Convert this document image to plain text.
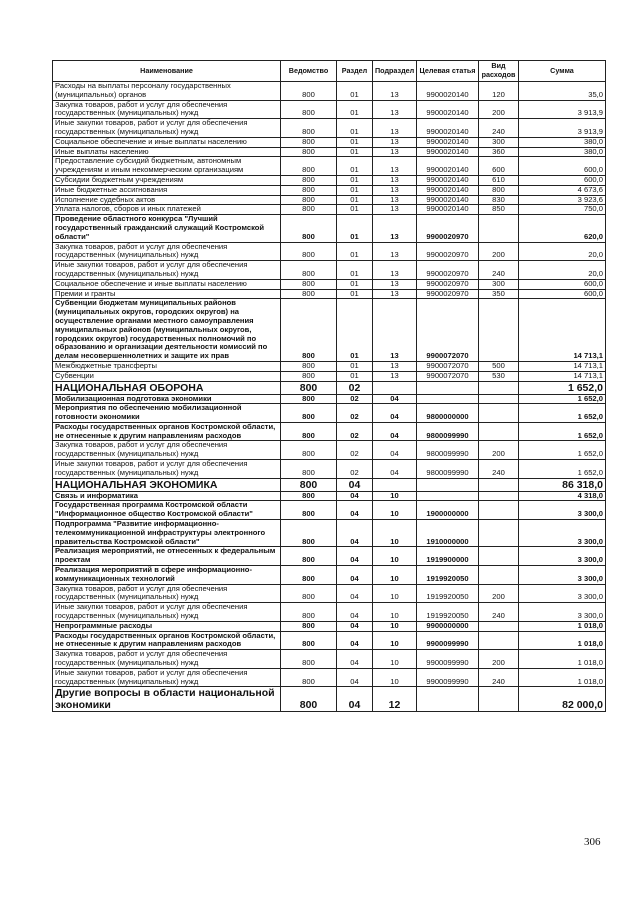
Наименование	Ведомство	Раздел	Подраздел	Целевая статья	Вид расходов	Сумма
Расходы на выплаты персоналу государственных (муниципальных) органов	800	01	13	9900020140	120	35,0
Закупка товаров, работ и услуг для обеспечения государственных (муниципальных) нужд	800	01	13	9900020140	200	3 913,9
Иные закупки товаров, работ и услуг для обеспечения государственных (муниципальных) нужд	800	01	13	9900020140	240	3 913,9
Социальное обеспечение и иные выплаты населению	800	01	13	9900020140	300	380,0
Иные выплаты населению	800	01	13	9900020140	360	380,0
Предоставление субсидий бюджетным, автономным учреждениям и иным некоммерческим организациям	800	01	13	9900020140	600	600,0
Субсидии бюджетным учреждениям	800	01	13	9900020140	610	600,0
Иные бюджетные ассигнования	800	01	13	9900020140	800	4 673,6
Исполнение судебных актов	800	01	13	9900020140	830	3 923,6
Уплата налогов, сборов и иных платежей	800	01	13	9900020140	850	750,0
Проведение областного конкурса "Лучший государственный гражданский служащий Костромской области"	800	01	13	9900020970		620,0
Закупка товаров, работ и услуг для обеспечения государственных (муниципальных) нужд	800	01	13	9900020970	200	20,0
Иные закупки товаров, работ и услуг для обеспечения государственных (муниципальных) нужд	800	01	13	9900020970	240	20,0
Социальное обеспечение и иные выплаты населению	800	01	13	9900020970	300	600,0
Премии и гранты	800	01	13	9900020970	350	600,0
Субвенции бюджетам муниципальных районов (муниципальных округов, городских округов) на осуществление органами местного самоуправления муниципальных районов (муниципальных округов, городских округов) государственных полномочий по образованию и организации деятельности комиссий по делам несовершеннолетних и защите их прав	800	01	13	9900072070		14 713,1
Межбюджетные трансферты	800	01	13	9900072070	500	14 713,1
Субвенции	800	01	13	9900072070	530	14 713,1
НАЦИОНАЛЬНАЯ ОБОРОНА	800	02				1 652,0
Мобилизационная подготовка экономики	800	02	04			1 652,0
Мероприятия по обеспечению мобилизационной готовности экономики	800	02	04	9800000000		1 652,0
Расходы государственных органов Костромской области, не отнесенные к другим направлениям расходов	800	02	04	9800099990		1 652,0
Закупка товаров, работ и услуг для обеспечения государственных (муниципальных) нужд	800	02	04	9800099990	200	1 652,0
Иные закупки товаров, работ и услуг для обеспечения государственных (муниципальных) нужд	800	02	04	9800099990	240	1 652,0
НАЦИОНАЛЬНАЯ ЭКОНОМИКА	800	04				86 318,0
Связь и информатика	800	04	10			4 318,0
Государственная программа Костромской области "Информационное общество Костромской области"	800	04	10	1900000000		3 300,0
Подпрограмма "Развитие информационно-телекоммуникационной инфраструктуры электронного правительства Костромской области"	800	04	10	1910000000		3 300,0
Реализация мероприятий, не отнесенных к федеральным проектам	800	04	10	1919900000		3 300,0
Реализация мероприятий в сфере информационно-коммуникационных технологий	800	04	10	1919920050		3 300,0
Закупка товаров, работ и услуг для обеспечения государственных (муниципальных) нужд	800	04	10	1919920050	200	3 300,0
Иные закупки товаров, работ и услуг для обеспечения государственных (муниципальных) нужд	800	04	10	1919920050	240	3 300,0
Непрограммные расходы	800	04	10	9900000000		1 018,0
Расходы государственных органов Костромской области, не отнесенные к другим направлениям расходов	800	04	10	9900099990		1 018,0
Закупка товаров, работ и услуг для обеспечения государственных (муниципальных) нужд	800	04	10	9900099990	200	1 018,0
Иные закупки товаров, работ и услуг для обеспечения государственных (муниципальных) нужд	800	04	10	9900099990	240	1 018,0
Другие вопросы в области национальной экономики	800	04	12			82 000,0
306
